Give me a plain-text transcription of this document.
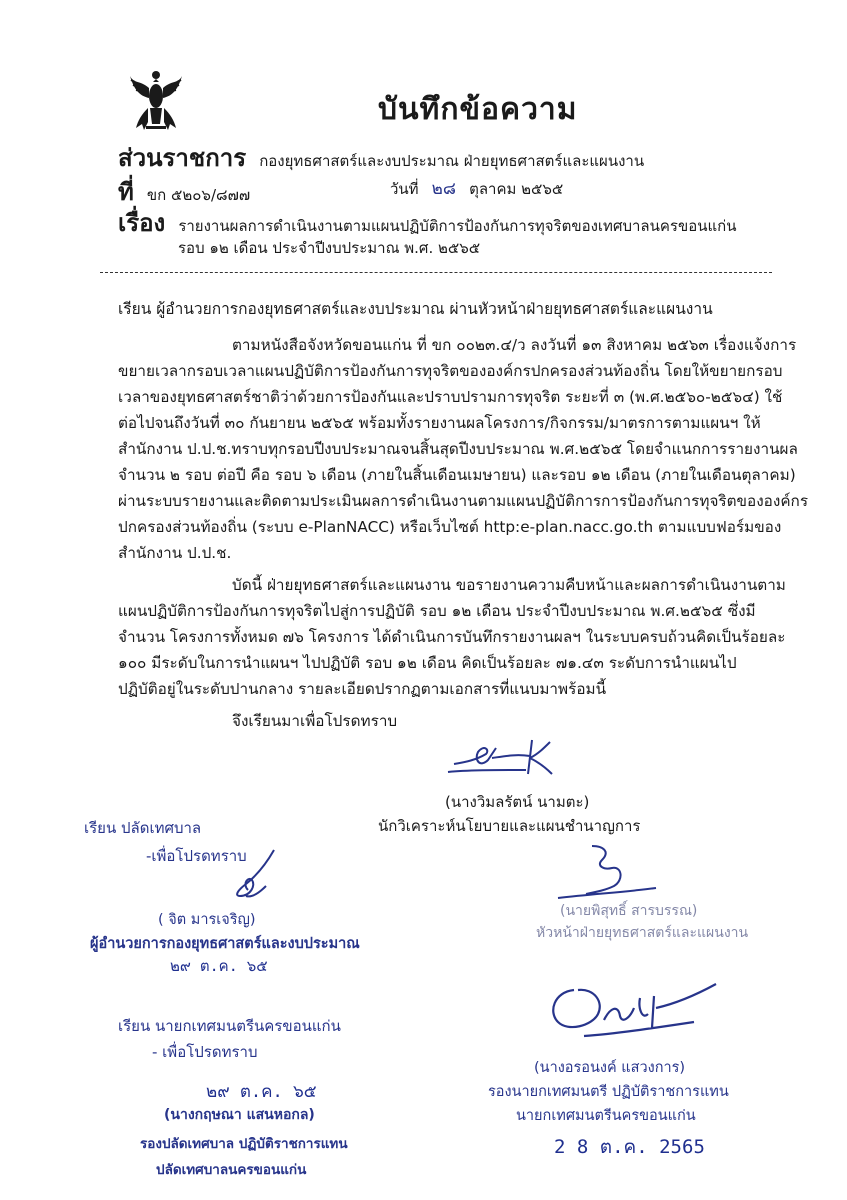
บันทึกข้อความ
ส่วนราชการ กองยุทธศาสตร์และงบประมาณ ฝ่ายยุทธศาสตร์และแผนงาน
ที่ ขก ๕๒๐๖/๘๗๗	วันที่ ๒๘ ตุลาคม ๒๕๖๕
เรื่อง รายงานผลการดำเนินงานตามแผนปฏิบัติการป้องกันการทุจริตของเทศบาลนครขอนแก่น
รอบ ๑๒ เดือน ประจำปีงบประมาณ พ.ศ. ๒๕๖๕
เรียน ผู้อำนวยการกองยุทธศาสตร์และงบประมาณ ผ่านหัวหน้าฝ่ายยุทธศาสตร์และแผนงาน
ตามหนังสือจังหวัดขอนแก่น ที่ ขก ๐๐๒๓.๔/ว ลงวันที่ ๑๓ สิงหาคม ๒๕๖๓ เรื่องแจ้งการ
ขยายเวลากรอบเวลาแผนปฏิบัติการป้องกันการทุจริตขององค์กรปกครองส่วนท้องถิ่น โดยให้ขยายกรอบ
เวลาของยุทธศาสตร์ชาติว่าด้วยการป้องกันและปราบปรามการทุจริต ระยะที่ ๓ (พ.ศ.๒๕๖๐-๒๕๖๔) ใช้
ต่อไปจนถึงวันที่ ๓๐ กันยายน ๒๕๖๕ พร้อมทั้งรายงานผลโครงการ/กิจกรรม/มาตรการตามแผนฯ ให้
สำนักงาน ป.ป.ช.ทราบทุกรอบปีงบประมาณจนสิ้นสุดปีงบประมาณ พ.ศ.๒๕๖๕ โดยจำแนกการรายงานผล
จำนวน ๒ รอบ ต่อปี คือ รอบ ๖ เดือน (ภายในสิ้นเดือนเมษายน) และรอบ ๑๒ เดือน (ภายในเดือนตุลาคม)
ผ่านระบบรายงานและติดตามประเมินผลการดำเนินงานตามแผนปฏิบัติการการป้องกันการทุจริตขององค์กร
ปกครองส่วนท้องถิ่น (ระบบ e-PlanNACC) หรือเว็บไซต์ http:e-plan.nacc.go.th ตามแบบฟอร์มของ
สำนักงาน ป.ป.ช.
บัดนี้ ฝ่ายยุทธศาสตร์และแผนงาน ขอรายงานความคืบหน้าและผลการดำเนินงานตาม
แผนปฏิบัติการป้องกันการทุจริตไปสู่การปฏิบัติ รอบ ๑๒ เดือน ประจำปีงบประมาณ พ.ศ.๒๕๖๕ ซึ่งมี
จำนวน โครงการทั้งหมด ๗๖ โครงการ ได้ดำเนินการบันทึกรายงานผลฯ ในระบบครบถ้วนคิดเป็นร้อยละ
๑๐๐ มีระดับในการนำแผนฯ ไปปฏิบัติ รอบ ๑๒ เดือน คิดเป็นร้อยละ ๗๑.๔๓ ระดับการนำแผนไป
ปฏิบัติอยู่ในระดับปานกลาง รายละเอียดปรากฏตามเอกสารที่แนบมาพร้อมนี้
จึงเรียนมาเพื่อโปรดทราบ
(นางวิมลรัตน์ นามตะ)
นักวิเคราะห์นโยบายและแผนชำนาญการ
เรียน ปลัดเทศบาล
-เพื่อโปรดทราบ
( จิต มารเจริญ)
ผู้อำนวยการกองยุทธศาสตร์และงบประมาณ
๒๙ ต.ค. ๖๕
(นายพิสุทธิ์ สารบรรณ)
หัวหน้าฝ่ายยุทธศาสตร์และแผนงาน
เรียน นายกเทศมนตรีนครขอนแก่น
- เพื่อโปรดทราบ
๒๙ ต.ค. ๖๕
(นางกฤษณา แสนหอกล)
รองปลัดเทศบาล ปฏิบัติราชการแทน
ปลัดเทศบาลนครขอนแก่น
(นางอรอนงค์ แสวงการ)
รองนายกเทศมนตรี ปฏิบัติราชการแทน
นายกเทศมนตรีนครขอนแก่น
2 8 ต.ค. 2565
